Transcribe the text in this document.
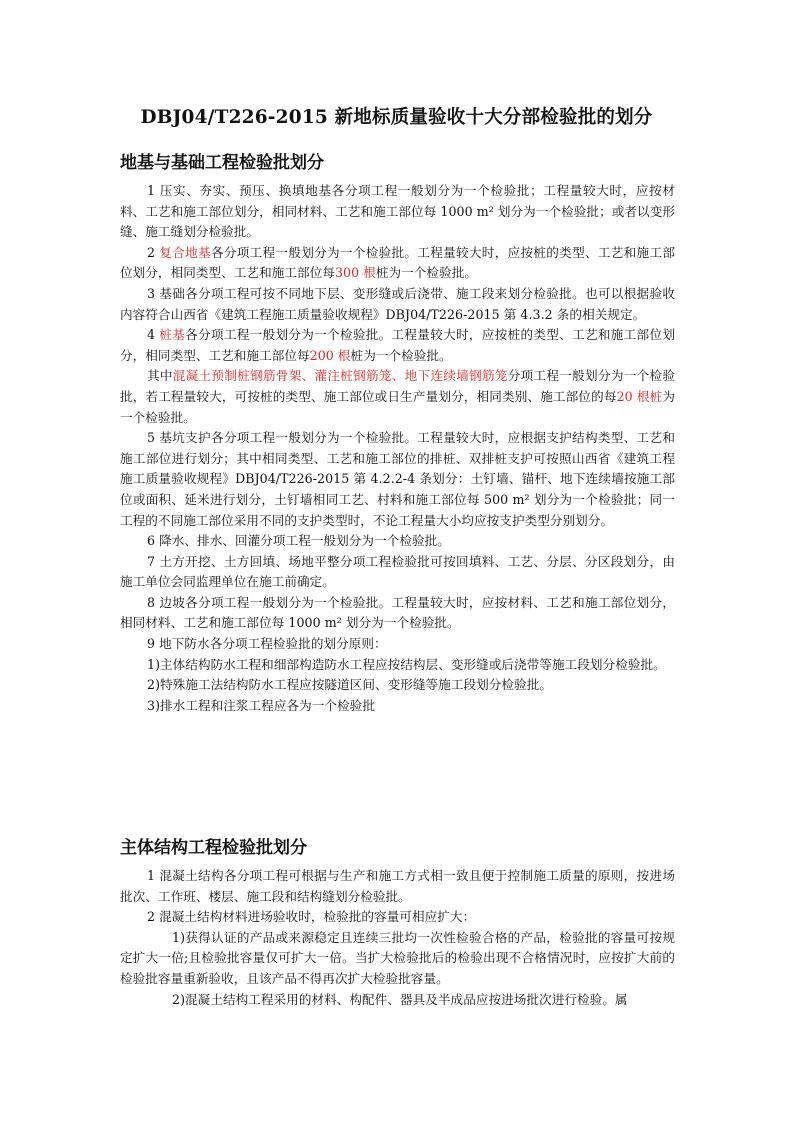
DBJ04/T226-2015 新地标质量验收十大分部检验批的划分
地基与基础工程检验批划分

1 压实、夯实、预压、换填地基各分项工程一般划分为一个检验批；工程量较大时，应按材料、工艺和施工部位划分，相同材料、工艺和施工部位每 1000 m² 划分为一个检验批；或者以变形缝、施工缝划分检验批。

2 复合地基各分项工程一般划分为一个检验批。工程量较大时，应按桩的类型、工艺和施工部位划分，相同类型、工艺和施工部位每300 根桩为一个检验批。

3 基础各分项工程可按不同地下层、变形缝或后浇带、施工段来划分检验批。也可以根据验收内容符合山西省《建筑工程施工质量验收规程》DBJ04/T226-2015 第 4.3.2 条的相关规定。

4 桩基各分项工程一般划分为一个检验批。工程量较大时，应按桩的类型、工艺和施工部位划分，相同类型、工艺和施工部位每200 根桩为一个检验批。

其中混凝土预制桩钢筋骨架、灌注桩钢筋笼、地下连续墙钢筋笼分项工程一般划分为一个检验批，若工程量较大，可按桩的类型、施工部位或日生产量划分，相同类别、施工部位的每20 根桩为一个检验批。

5 基坑支护各分项工程一般划分为一个检验批。工程量较大时，应根据支护结构类型、工艺和施工部位进行划分；其中相同类型、工艺和施工部位的排桩、双排桩支护可按照山西省《建筑工程施工质量验收规程》DBJ04/T226-2015 第 4.2.2-4 条划分：土钉墙、锚杆、地下连续墙按施工部位或面积、延米进行划分，土钉墙相同工艺、村料和施工部位每 500 m² 划分为一个检验批；同一工程的不同施工部位采用不同的支护类型时，不论工程量大小均应按支护类型分别划分。

6 降水、排水、回灌分项工程一般划分为一个检验批。

7 土方开挖、土方回填、场地平整分项工程检验批可按回填料、工艺、分层、分区段划分，由施工单位会同监理单位在施工前确定。

8 边坡各分项工程一般划分为一个检验批。工程量较大时，应按材料、工艺和施工部位划分，相同材料、工艺和施工部位每 1000 m² 划分为一个检验批。

9 地下防水各分项工程检验批的划分原则：

1)主体结构防水工程和细部构造防水工程应按结构层、变形缝或后浇带等施工段划分检验批。

2)特殊施工法结构防水工程应按隧道区间、变形缝等施工段划分检验批。

3)排水工程和注浆工程应各为一个检验批

主体结构工程检验批划分

1 混凝土结构各分项工程可根据与生产和施工方式相一致且便于控制施工质量的原则，按进场批次、工作班、楼层、施工段和结构缝划分检验批。

2 混凝土结构材料进场验收时，检验批的容量可相应扩大：

1)获得认证的产品或来源稳定且连续三批均一次性检验合格的产品，检验批的容量可按规定扩大一倍;且检验批容量仅可扩大一倍。当扩大检验批后的检验出现不合格情况时，应按扩大前的检验批容量重新验收，且该产品不得再次扩大检验批容量。

2)混凝土结构工程采用的材料、构配件、器具及半成品应按进场批次进行检验。属
